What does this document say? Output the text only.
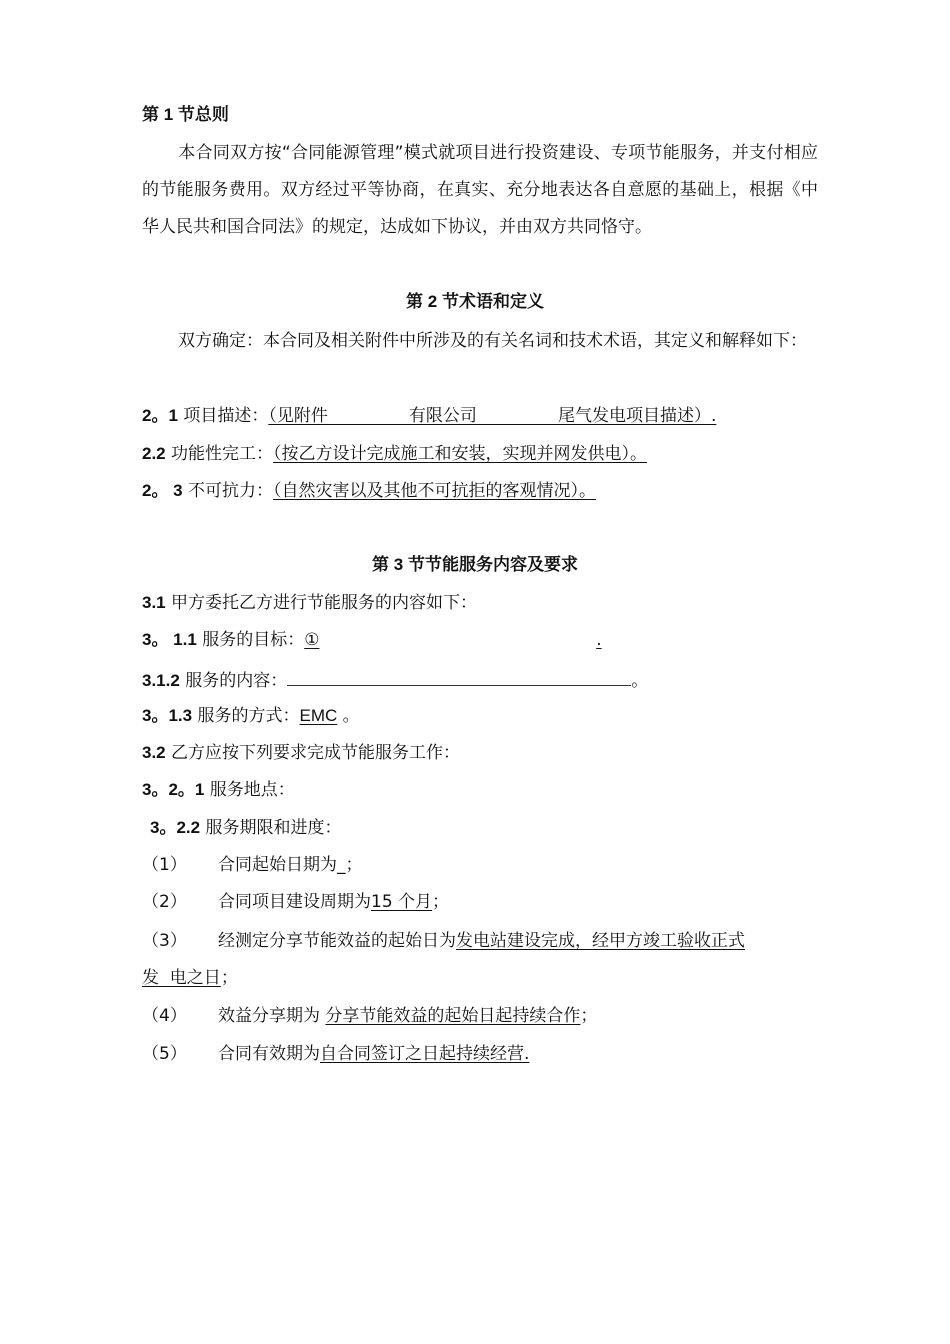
第 1 节总则
本合同双方按“合同能源管理”模式就项目进行投资建设、专项节能服务，并支付相应的节能服务费用。双方经过平等协商，在真实、充分地表达各自意愿的基础上，根据《中华人民共和国合同法》的规定，达成如下协议，并由双方共同恪守。
第 2 节术语和定义
双方确定：本合同及相关附件中所涉及的有关名词和技术术语，其定义和解释如下：
2。1 项目描述：（见附件               有限公司               尾气发电项目描述）.
2.2 功能性完工：（按乙方设计完成施工和安装，实现并网发供电）。
2。 3 不可抗力：（自然灾害以及其他不可抗拒的客观情况）。
第 3 节节能服务内容及要求
3.1 甲方委托乙方进行节能服务的内容如下：
3。 1.1 服务的目标：①	.
3.1.2 服务的内容：	。
3。1.3 服务的方式：EMC 。
3.2 乙方应按下列要求完成节能服务工作：
3。2。1 服务地点：
3。2.2 服务期限和进度：
（1） 合同起始日期为_；
（2） 合同项目建设周期为15 个月；
（3） 经测定分享节能效益的起始日为发电站建设完成，经甲方竣工验收正式
发  电之日；
（4） 效益分享期为 分享节能效益的起始日起持续合作；
（5） 合同有效期为自合同签订之日起持续经营.
